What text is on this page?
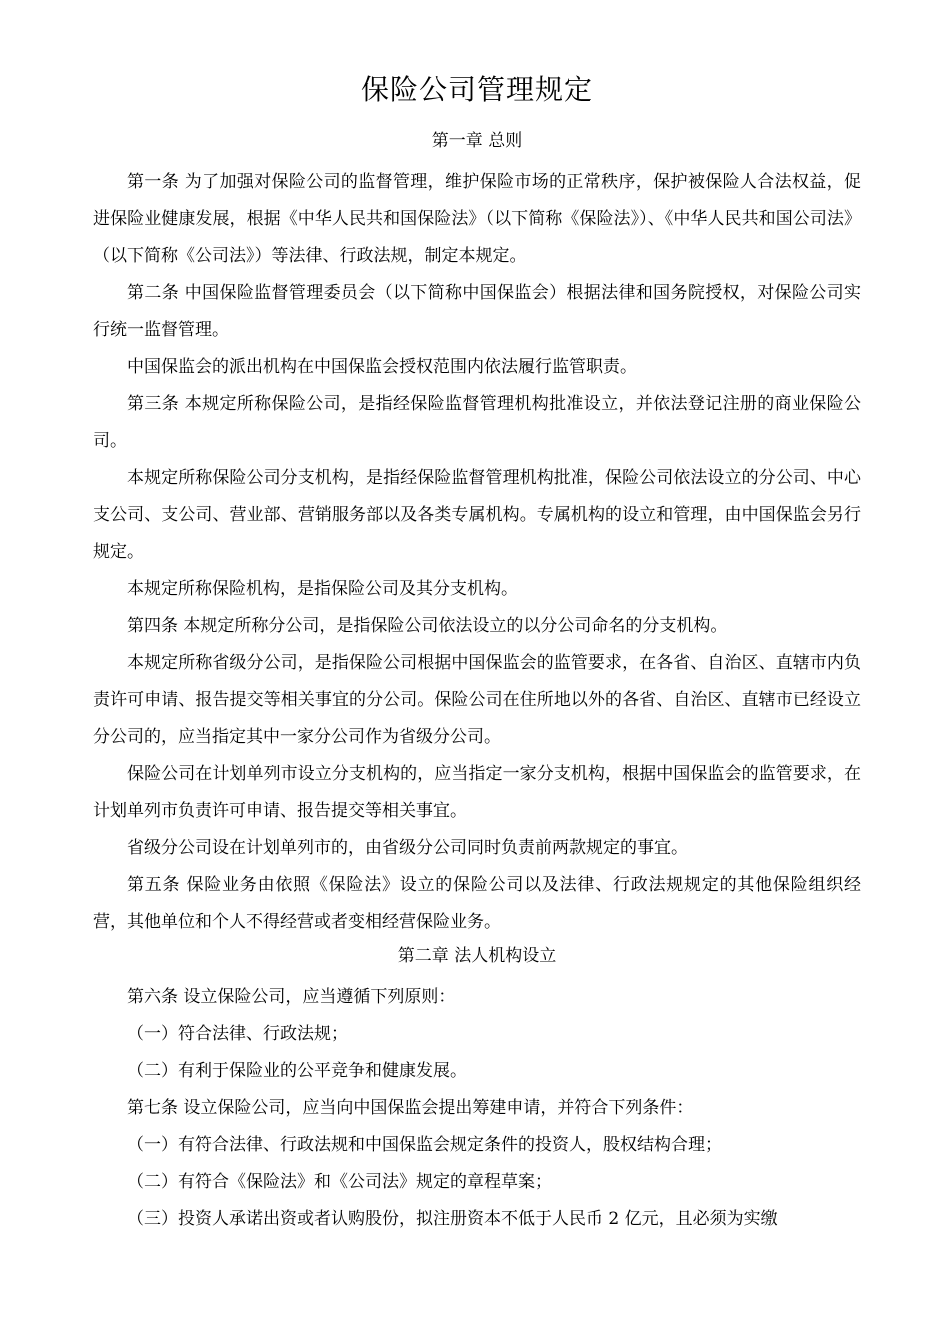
保险公司管理规定

第一章 总则

第一条 为了加强对保险公司的监督管理，维护保险市场的正常秩序，保护被保险人合法权益，促进保险业健康发展，根据《中华人民共和国保险法》（以下简称《保险法》）、《中华人民共和国公司法》（以下简称《公司法》）等法律、行政法规，制定本规定。

第二条 中国保险监督管理委员会（以下简称中国保监会）根据法律和国务院授权，对保险公司实行统一监督管理。

中国保监会的派出机构在中国保监会授权范围内依法履行监管职责。

第三条 本规定所称保险公司，是指经保险监督管理机构批准设立，并依法登记注册的商业保险公司。

本规定所称保险公司分支机构，是指经保险监督管理机构批准，保险公司依法设立的分公司、中心支公司、支公司、营业部、营销服务部以及各类专属机构。专属机构的设立和管理，由中国保监会另行规定。

本规定所称保险机构，是指保险公司及其分支机构。

第四条 本规定所称分公司，是指保险公司依法设立的以分公司命名的分支机构。

本规定所称省级分公司，是指保险公司根据中国保监会的监管要求，在各省、自治区、直辖市内负责许可申请、报告提交等相关事宜的分公司。保险公司在住所地以外的各省、自治区、直辖市已经设立分公司的，应当指定其中一家分公司作为省级分公司。

保险公司在计划单列市设立分支机构的，应当指定一家分支机构，根据中国保监会的监管要求，在计划单列市负责许可申请、报告提交等相关事宜。

省级分公司设在计划单列市的，由省级分公司同时负责前两款规定的事宜。

第五条 保险业务由依照《保险法》设立的保险公司以及法律、行政法规规定的其他保险组织经营，其他单位和个人不得经营或者变相经营保险业务。

第二章 法人机构设立

第六条 设立保险公司，应当遵循下列原则：

（一）符合法律、行政法规；

（二）有利于保险业的公平竞争和健康发展。

第七条 设立保险公司，应当向中国保监会提出筹建申请，并符合下列条件：

（一）有符合法律、行政法规和中国保监会规定条件的投资人，股权结构合理；

（二）有符合《保险法》和《公司法》规定的章程草案；

（三）投资人承诺出资或者认购股份，拟注册资本不低于人民币 2 亿元，且必须为实缴
